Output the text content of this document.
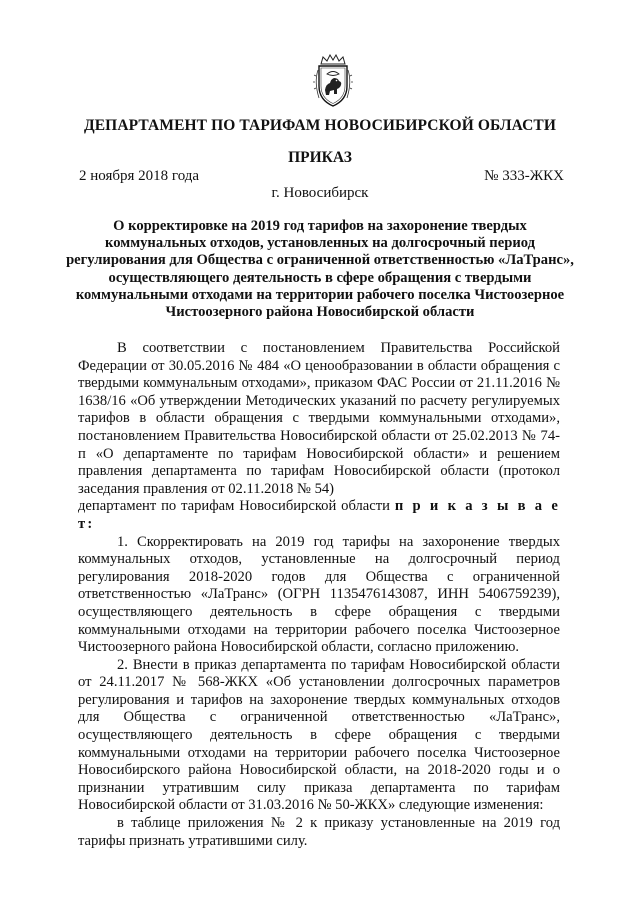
ДЕПАРТАМЕНТ ПО ТАРИФАМ НОВОСИБИРСКОЙ ОБЛАСТИ
ПРИКАЗ
2 ноября 2018 года	№ 333-ЖКХ
г. Новосибирск
О корректировке на 2019 год тарифов на захоронение твердых
коммунальных отходов, установленных на долгосрочный период
регулирования для Общества с ограниченной ответственностью «ЛаТранс»,
осуществляющего деятельность в сфере обращения с твердыми
коммунальными отходами на территории рабочего поселка Чистоозерное
Чистоозерного района Новосибирской области

В соответствии с постановлением Правительства Российской Федерации от 30.05.2016 № 484 «О ценообразовании в области обращения с твердыми коммунальным отходами», приказом ФАС России от 21.11.2016 № 1638/16 «Об утверждении Методических указаний по расчету регулируемых тарифов в области обращения с твердыми коммунальными отходами», постановлением Правительства Новосибирской области от 25.02.2013 № 74-п «О департаменте по тарифам Новосибирской области» и решением правления департамента по тарифам Новосибирской области (протокол заседания правления от 02.11.2018 № 54)

департамент по тарифам Новосибирской области п р и к а з ы в а е т:

1. Скорректировать на 2019 год тарифы на захоронение твердых коммунальных отходов, установленные на долгосрочный период регулирования 2018-2020 годов для Общества с ограниченной ответственностью «ЛаТранс» (ОГРН 1135476143087, ИНН 5406759239), осуществляющего деятельность в сфере обращения с твердыми коммунальными отходами на территории рабочего поселка Чистоозерное Чистоозерного района Новосибирской области, согласно приложению.

2. Внести в приказ департамента по тарифам Новосибирской области от 24.11.2017 № 568-ЖКХ «Об установлении долгосрочных параметров регулирования и тарифов на захоронение твердых коммунальных отходов для Общества с ограниченной ответственностью «ЛаТранс», осуществляющего деятельность в сфере обращения с твердыми коммунальными отходами на территории рабочего поселка Чистоозерное Новосибирского района Новосибирской области, на 2018-2020 годы и о признании утратившим силу приказа департамента по тарифам Новосибирской области от 31.03.2016 № 50-ЖКХ» следующие изменения:

в таблице приложения № 2 к приказу установленные на 2019 год тарифы признать утратившими силу.
